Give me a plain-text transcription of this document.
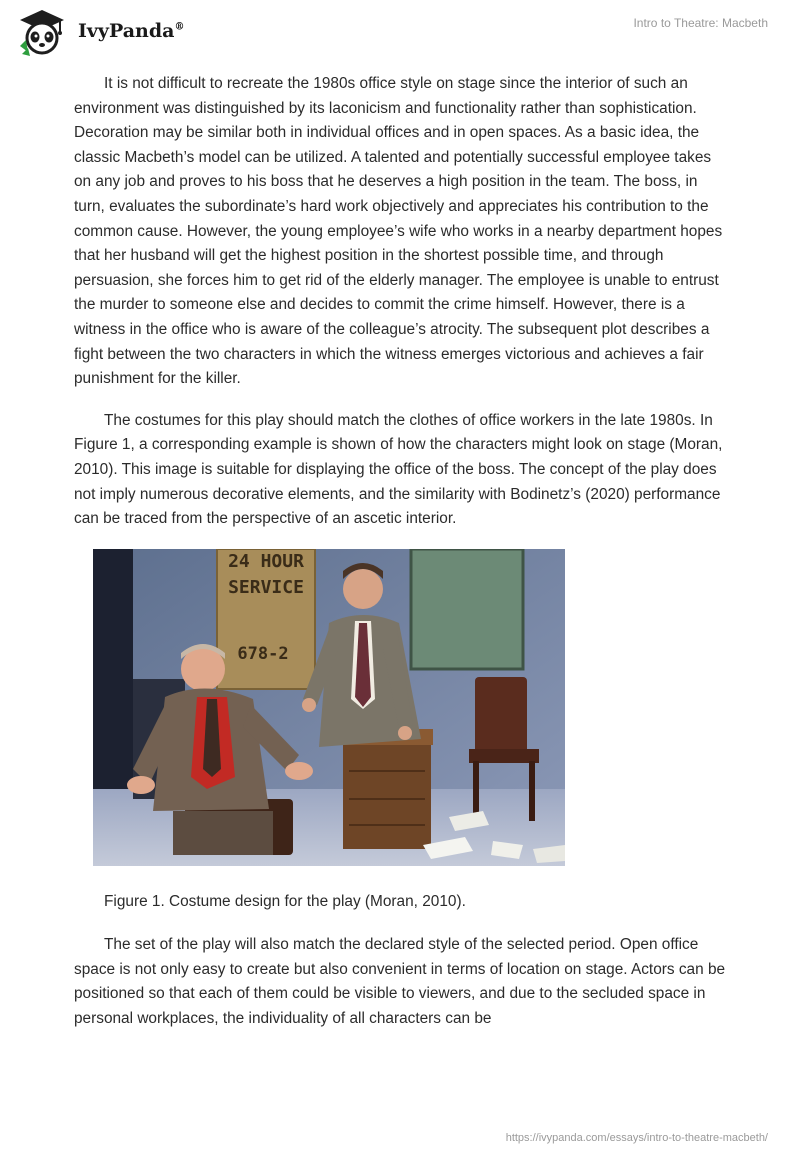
IvyPanda®	Intro to Theatre: Macbeth

It is not difficult to recreate the 1980s office style on stage since the interior of such an environment was distinguished by its laconicism and functionality rather than sophistication. Decoration may be similar both in individual offices and in open spaces. As a basic idea, the classic Macbeth’s model can be utilized. A talented and potentially successful employee takes on any job and proves to his boss that he deserves a high position in the team. The boss, in turn, evaluates the subordinate’s hard work objectively and appreciates his contribution to the common cause. However, the young employee’s wife who works in a nearby department hopes that her husband will get the highest position in the shortest possible time, and through persuasion, she forces him to get rid of the elderly manager. The employee is unable to entrust the murder to someone else and decides to commit the crime himself. However, there is a witness in the office who is aware of the colleague’s atrocity. The subsequent plot describes a fight between the two characters in which the witness emerges victorious and achieves a fair punishment for the killer.

The costumes for this play should match the clothes of office workers in the late 1980s. In Figure 1, a corresponding example is shown of how the characters might look on stage (Moran, 2010). This image is suitable for displaying the office of the boss. The concept of the play does not imply numerous decorative elements, and the similarity with Bodinetz’s (2020) performance can be traced from the perspective of an ascetic interior.

24 HOUR
SERVICE
678-2

Figure 1. Costume design for the play (Moran, 2010).

The set of the play will also match the declared style of the selected period. Open office space is not only easy to create but also convenient in terms of location on stage. Actors can be positioned so that each of them could be visible to viewers, and due to the secluded space in personal workplaces, the individuality of all characters can be

https://ivypanda.com/essays/intro-to-theatre-macbeth/
